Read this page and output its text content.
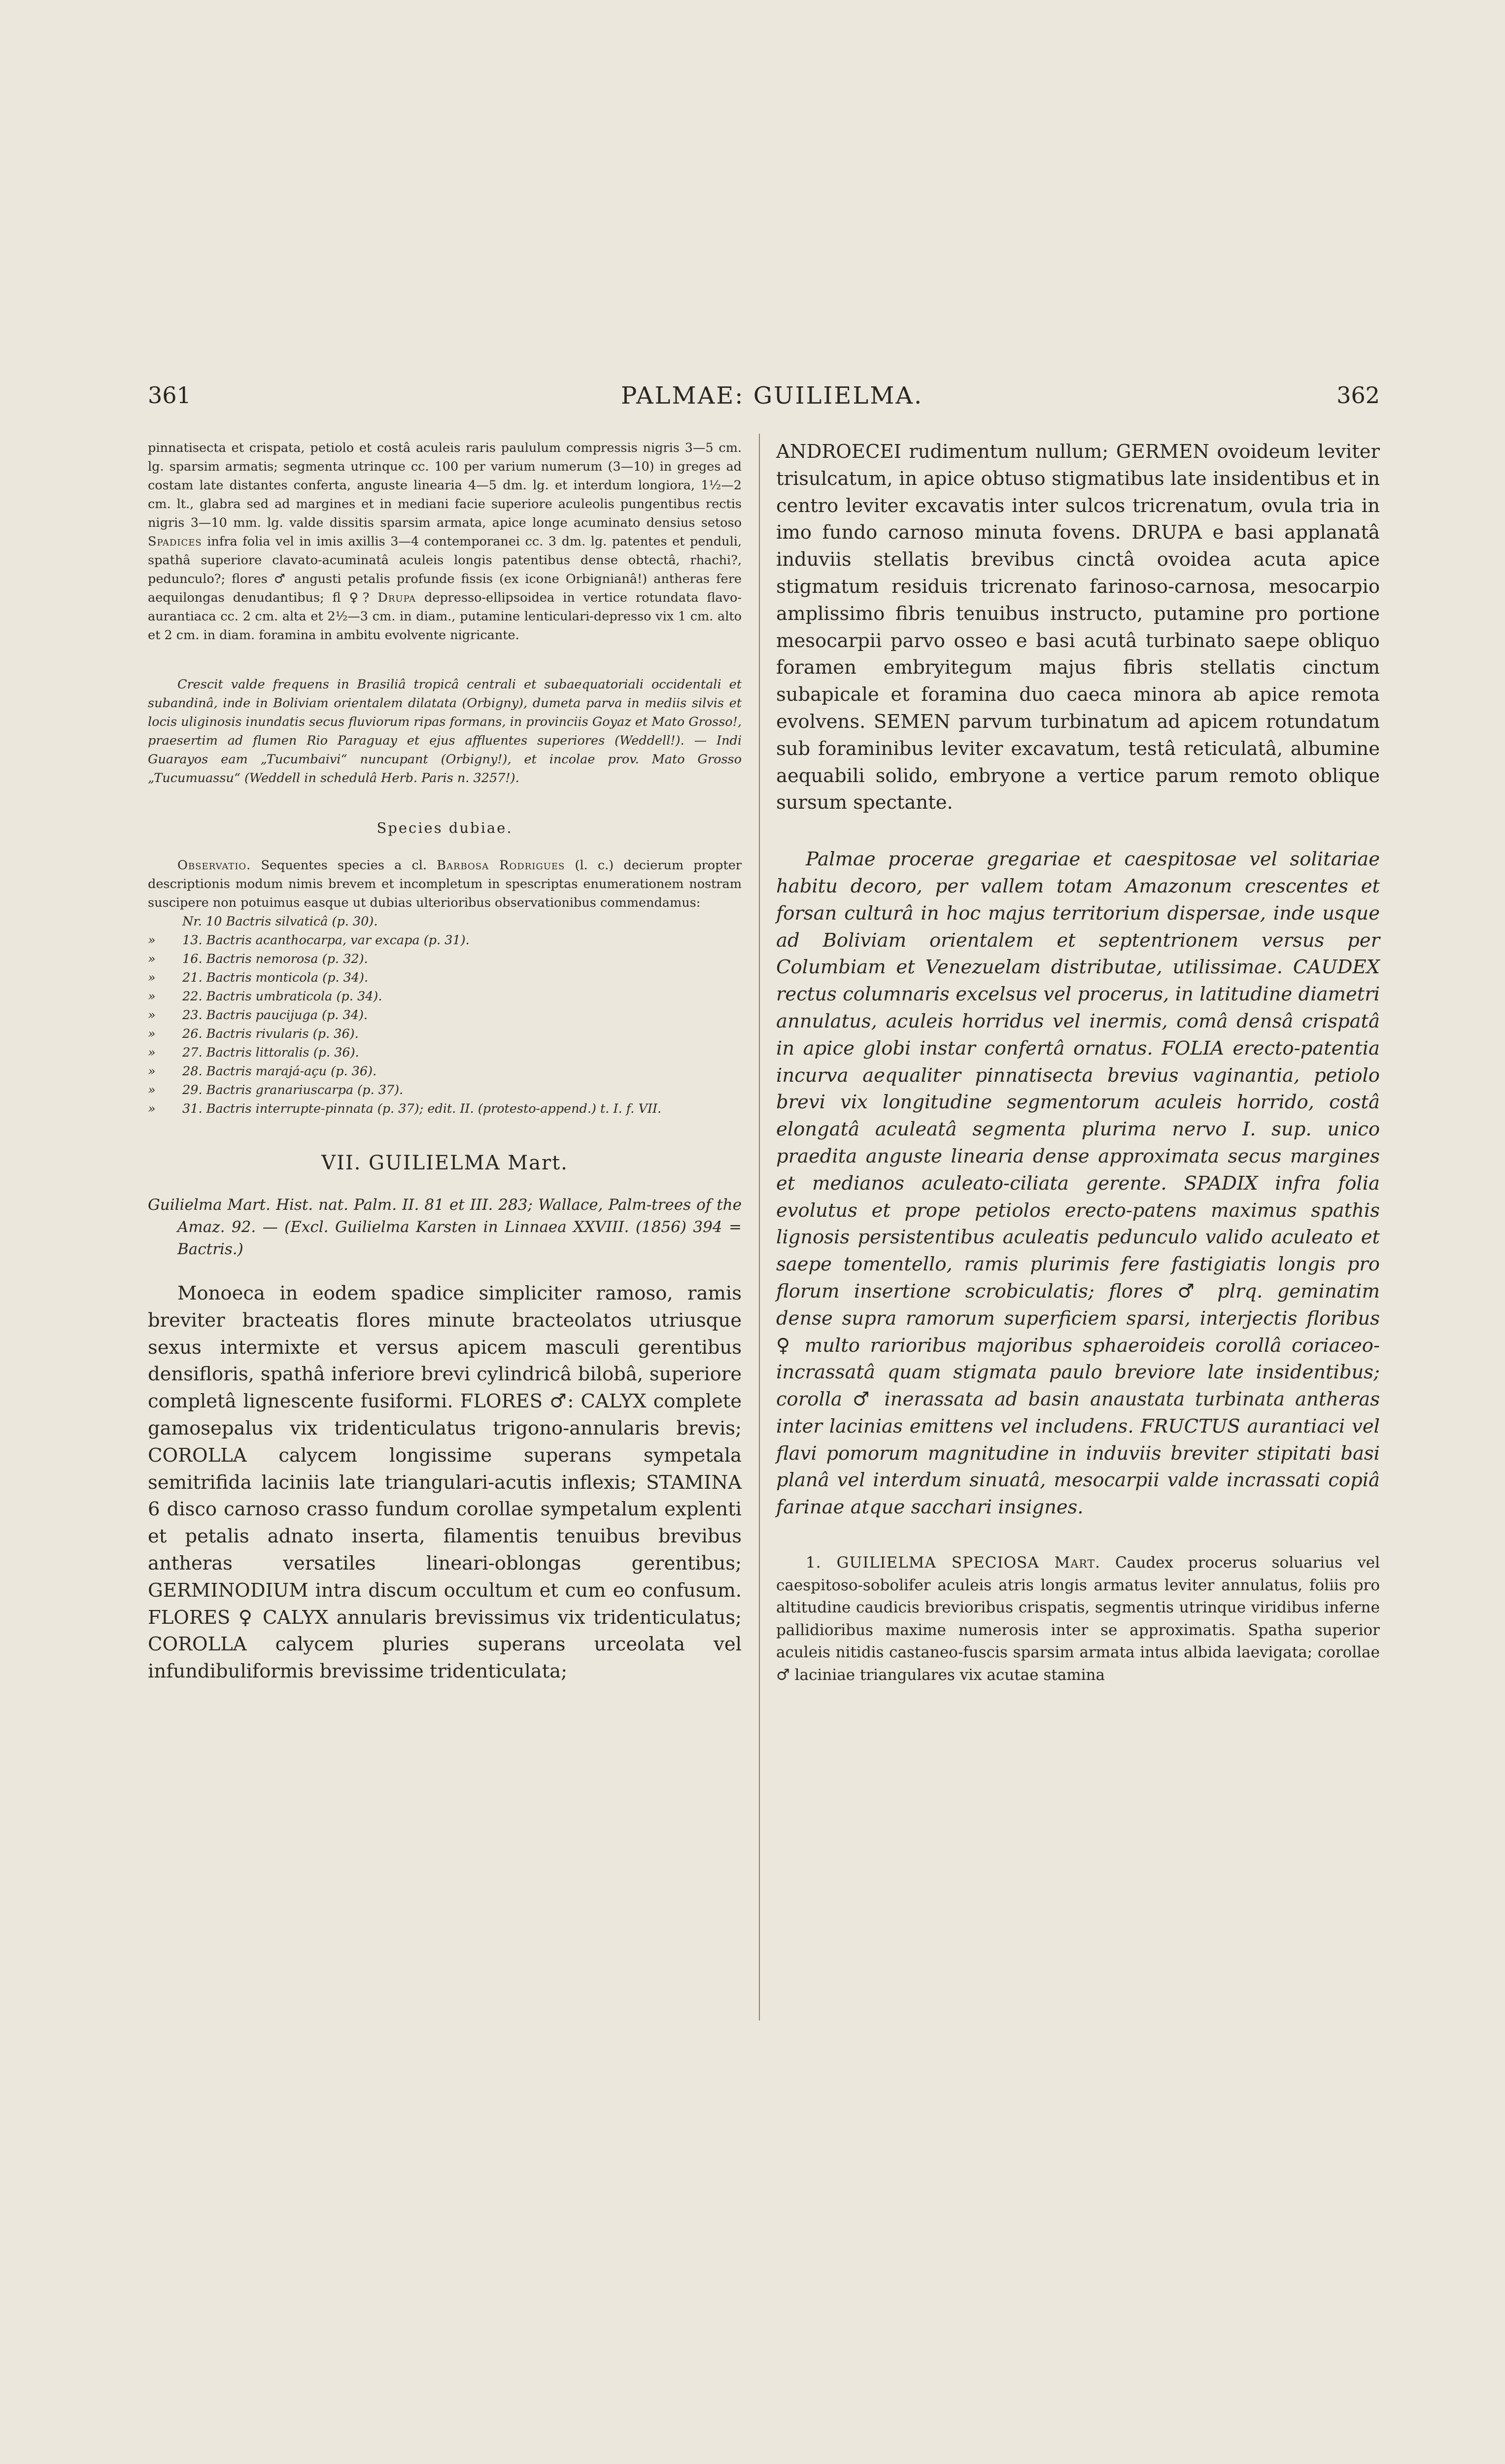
361	PALMAE: GUILIELMA.	362

pinnatisecta et crispata, petiolo et costâ aculeis raris paululum compressis nigris 3—5 cm. lg. sparsim armatis; segmenta utrinque cc. 100 per varium numerum (3—10) in greges ad costam late distantes conferta, anguste linearia 4—5 dm. lg. et interdum longiora, 1½—2 cm. lt., glabra sed ad margines et in mediani facie superiore aculeolis pungentibus rectis nigris 3—10 mm. lg. valde dissitis sparsim armata, apice longe acuminato densius setoso Spadices infra folia vel in imis axillis 3—4 contemporanei cc. 3 dm. lg. patentes et penduli, spathâ superiore clavato-acuminatâ aculeis longis patentibus dense obtectâ, rhachi?, pedunculo?; flores ♂ angusti petalis profunde fissis (ex icone Orbignianâ!) antheras fere aequilongas denudantibus; fl ♀? Drupa depresso-ellipsoidea in vertice rotundata flavo-aurantiaca cc. 2 cm. alta et 2½—3 cm. in diam., putamine lenticulari-depresso vix 1 cm. alto et 2 cm. in diam. foramina in ambitu evolvente nigricante.

Crescit valde frequens in Brasiliâ tropicâ centrali et subaequatoriali occidentali et subandinâ, inde in Boliviam orientalem dilatata (Orbigny), dumeta parva in mediis silvis et locis uliginosis inundatis secus fluviorum ripas formans, in provinciis Goyaz et Mato Grosso!, praesertim ad flumen Rio Paraguay et ejus affluentes superiores (Weddell!). — Indi Guarayos eam „Tucumbaivi“ nuncupant (Orbigny!), et incolae prov. Mato Grosso „Tucumuassu“ (Weddell in schedulâ Herb. Paris n. 3257!).

Species dubiae.

Observatio. Sequentes species a cl. Barbosa Rodrigues (l. c.) decierum propter descriptionis modum nimis brevem et incompletum in spescriptas enumerationem nostram suscipere non potuimus easque ut dubias ulterioribus observationibus commendamus:

Nr. 10 Bactris silvaticâ (p. 30).
»	13. Bactris acanthocarpa, var excapa (p. 31).
»	16. Bactris nemorosa (p. 32).
»	21. Bactris monticola (p. 34).
»	22. Bactris umbraticola (p. 34).
»	23. Bactris paucijuga (p. 34).
»	26. Bactris rivularis (p. 36).
»	27. Bactris littoralis (p. 36).
»	28. Bactris marajá-açu (p. 36).
»	29. Bactris granariuscarpa (p. 37).
»	31. Bactris interrupte-pinnata (p. 37); edit. II. (protesto-append.) t. I. f. VII.
VII. GUILIELMA Mart.

Guilielma Mart. Hist. nat. Palm. II. 81 et III. 283; Wallace, Palm-trees of the Amaz. 92. — (Excl. Guilielma Karsten in Linnaea XXVIII. (1856) 394 = Bactris.)

Monoeca in eodem spadice simpliciter ramoso, ramis breviter bracteatis flores minute bracteolatos utriusque sexus intermixte et versus apicem masculi gerentibus densifloris, spathâ inferiore brevi cylindricâ bilobâ, superiore completâ lignescente fusiformi. FLORES ♂: CALYX complete gamosepalus vix tridenticulatus trigono-annularis brevis; COROLLA calycem longissime superans sympetala semitrifida laciniis late triangulari-acutis inflexis; STAMINA 6 disco carnoso crasso fundum corollae sympetalum explenti et petalis adnato inserta, filamentis tenuibus brevibus antheras versatiles lineari-oblongas gerentibus; GERMINODIUM intra discum occultum et cum eo confusum. FLORES ♀ CALYX annularis brevissimus vix tridenticulatus; COROLLA calycem pluries superans urceolata vel infundibuliformis brevissime tridenticulata;

ANDROECEI rudimentum nullum; GERMEN ovoideum leviter trisulcatum, in apice obtuso stigmatibus late insidentibus et in centro leviter excavatis inter sulcos tricrenatum, ovula tria in imo fundo carnoso minuta fovens. DRUPA e basi applanatâ induviis stellatis brevibus cinctâ ovoidea acuta apice stigmatum residuis tricrenato farinoso-carnosa, mesocarpio amplissimo fibris tenuibus instructo, putamine pro portione mesocarpii parvo osseo e basi acutâ turbinato saepe obliquo foramen embryitegum majus fibris stellatis cinctum subapicale et foramina duo caeca minora ab apice remota evolvens. SEMEN parvum turbinatum ad apicem rotundatum sub foraminibus leviter excavatum, testâ reticulatâ, albumine aequabili solido, embryone a vertice parum remoto oblique sursum spectante.

Palmae procerae gregariae et caespitosae vel solitariae habitu decoro, per vallem totam Amazonum crescentes et forsan culturâ in hoc majus territorium dispersae, inde usque ad Boliviam orientalem et septentrionem versus per Columbiam et Venezuelam distributae, utilissimae. CAUDEX rectus columnaris excelsus vel procerus, in latitudine diametri annulatus, aculeis horridus vel inermis, comâ densâ crispatâ in apice globi instar confertâ ornatus. FOLIA erecto-patentia incurva aequaliter pinnatisecta brevius vaginantia, petiolo brevi vix longitudine segmentorum aculeis horrido, costâ elongatâ aculeatâ segmenta plurima nervo I. sup. unico praedita anguste linearia dense approximata secus margines et medianos aculeato-ciliata gerente. SPADIX infra folia evolutus et prope petiolos erecto-patens maximus spathis lignosis persistentibus aculeatis pedunculo valido aculeato et saepe tomentello, ramis plurimis fere fastigiatis longis pro florum insertione scrobiculatis; flores ♂ plrq. geminatim dense supra ramorum superficiem sparsi, interjectis floribus ♀ multo rarioribus majoribus sphaeroideis corollâ coriaceo-incrassatâ quam stigmata paulo breviore late insidentibus; corolla ♂ inerassata ad basin anaustata turbinata antheras inter lacinias emittens vel includens. FRUCTUS aurantiaci vel flavi pomorum magnitudine in induviis breviter stipitati basi planâ vel interdum sinuatâ, mesocarpii valde incrassati copiâ farinae atque sacchari insignes.

1. GUILIELMA SPECIOSA Mart. Caudex procerus soluarius vel caespitoso-sobolifer aculeis atris longis armatus leviter annulatus, foliis pro altitudine caudicis brevioribus crispatis, segmentis utrinque viridibus inferne pallidioribus maxime numerosis inter se approximatis. Spatha superior aculeis nitidis castaneo-fuscis sparsim armata intus albida laevigata; corollae ♂ laciniae triangulares vix acutae stamina
